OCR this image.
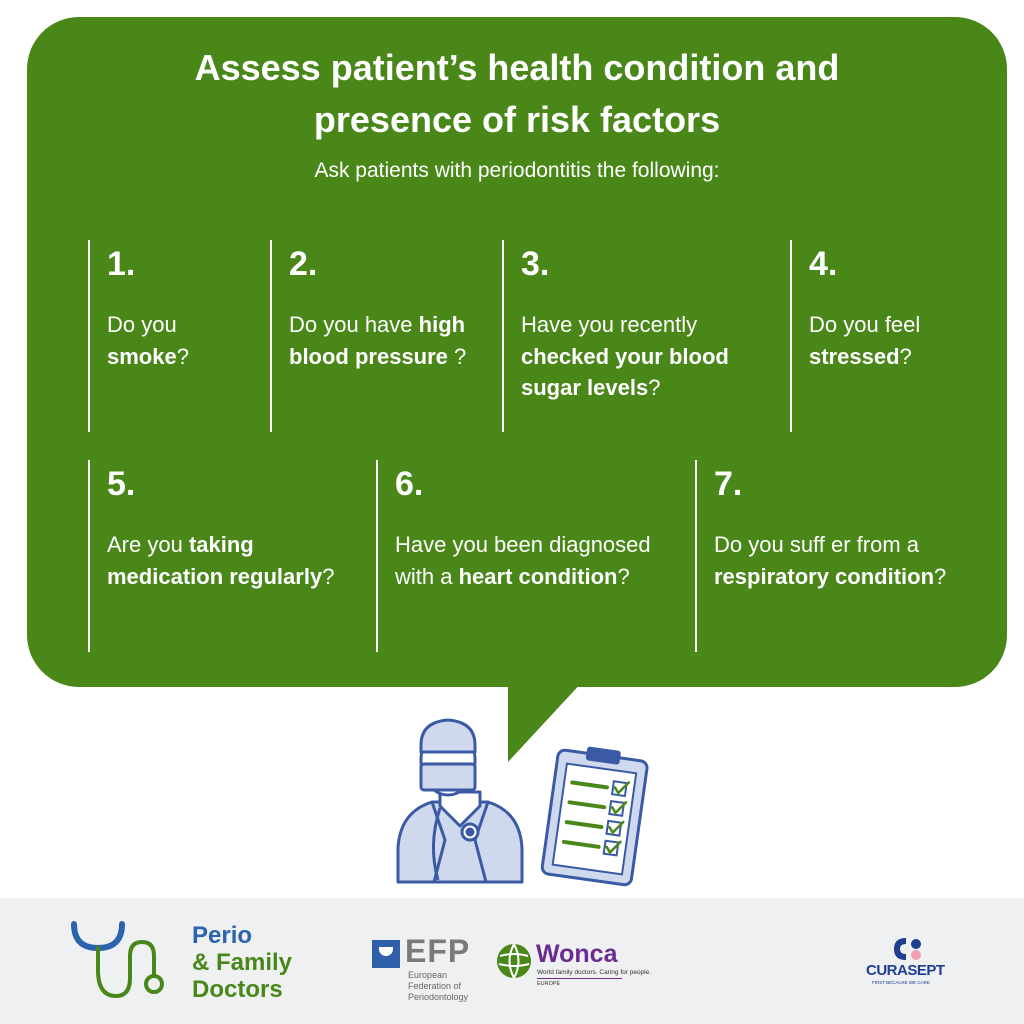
Assess patient’s health condition and
presence of risk factors
Ask patients with periodontitis the following:
1.
Do you smoke?
2.
Do you have high blood pressure ?
3.
Have you recently checked your blood sugar levels?
4.
Do you feel stressed?
5.
Are you taking medication regularly?
6.
Have you been diagnosed with a heart condition?
7.
Do you suff er from a respiratory condition?
Perio
& Family
Doctors
EFP
European
Federation of
Periodontology
Wonca
World family doctors. Caring for people.
EUROPE
CURASEPT
FIRST BECAUSE WE CARE
